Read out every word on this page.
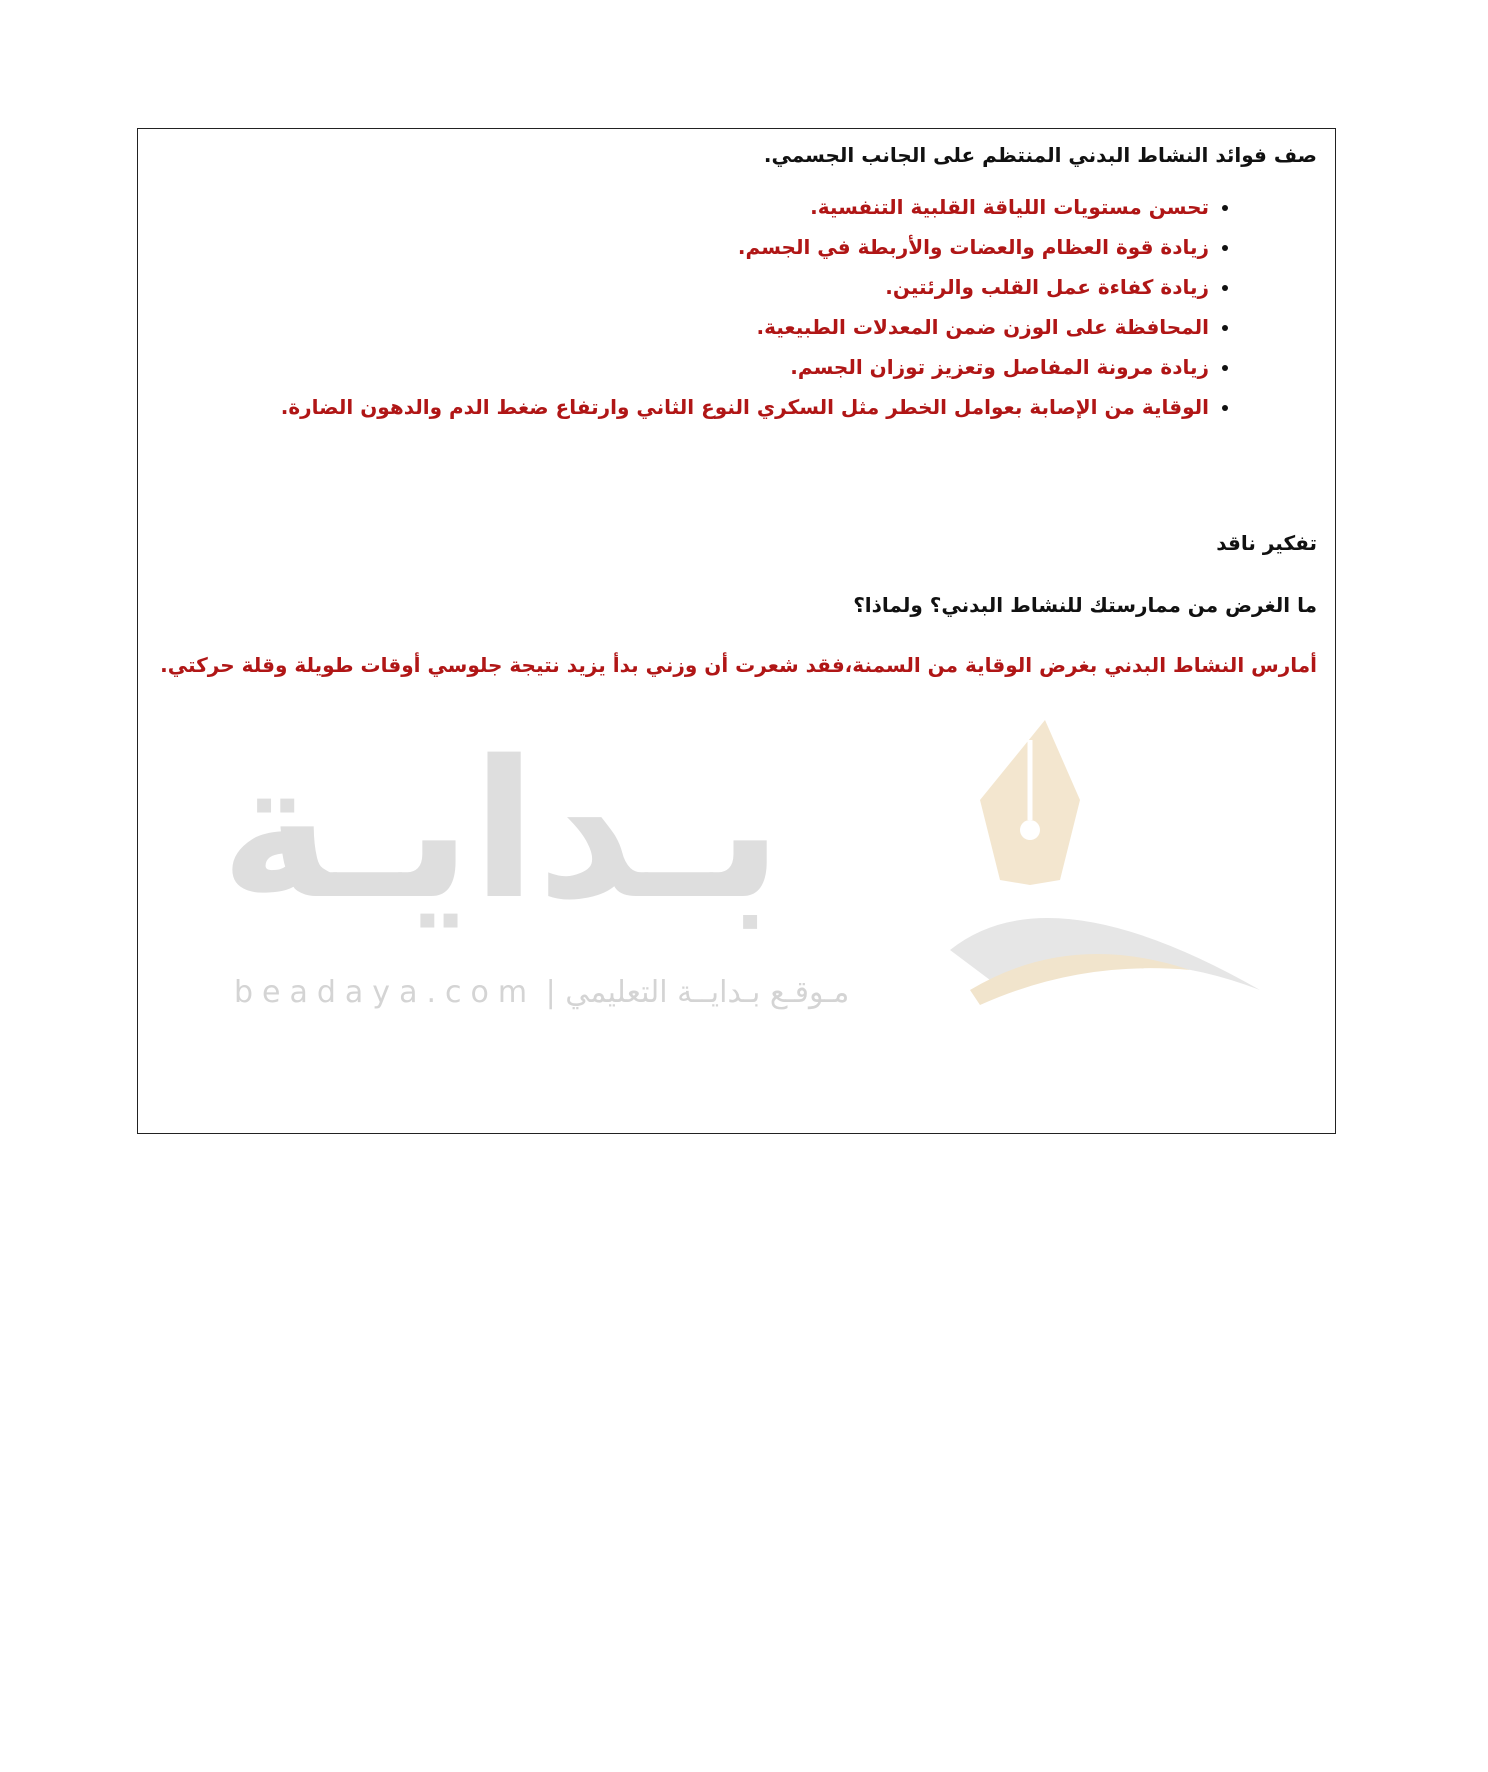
صف فوائد النشاط البدني المنتظم على الجانب الجسمي.

• تحسن مستويات اللياقة القلبية التنفسية.
• زيادة قوة العظام والعضات والأربطة في الجسم.
• زيادة كفاءة عمل القلب والرئتين.
• المحافظة على الوزن ضمن المعدلات الطبيعية.
• زيادة مرونة المفاصل وتعزيز توزان الجسم.
• الوقاية من الإصابة بعوامل الخطر مثل السكري النوع الثاني وارتفاع ضغط الدم والدهون الضارة.

تفكير ناقد

ما الغرض من ممارستك للنشاط البدني؟ ولماذا؟

أمارس النشاط البدني بغرض الوقاية من السمنة،فقد شعرت أن وزني بدأ يزيد نتيجة جلوسي أوقات طويلة وقلة حركتي.

بـدايـة
beadaya.com | مـوقـع بـدايــة التعليمي
